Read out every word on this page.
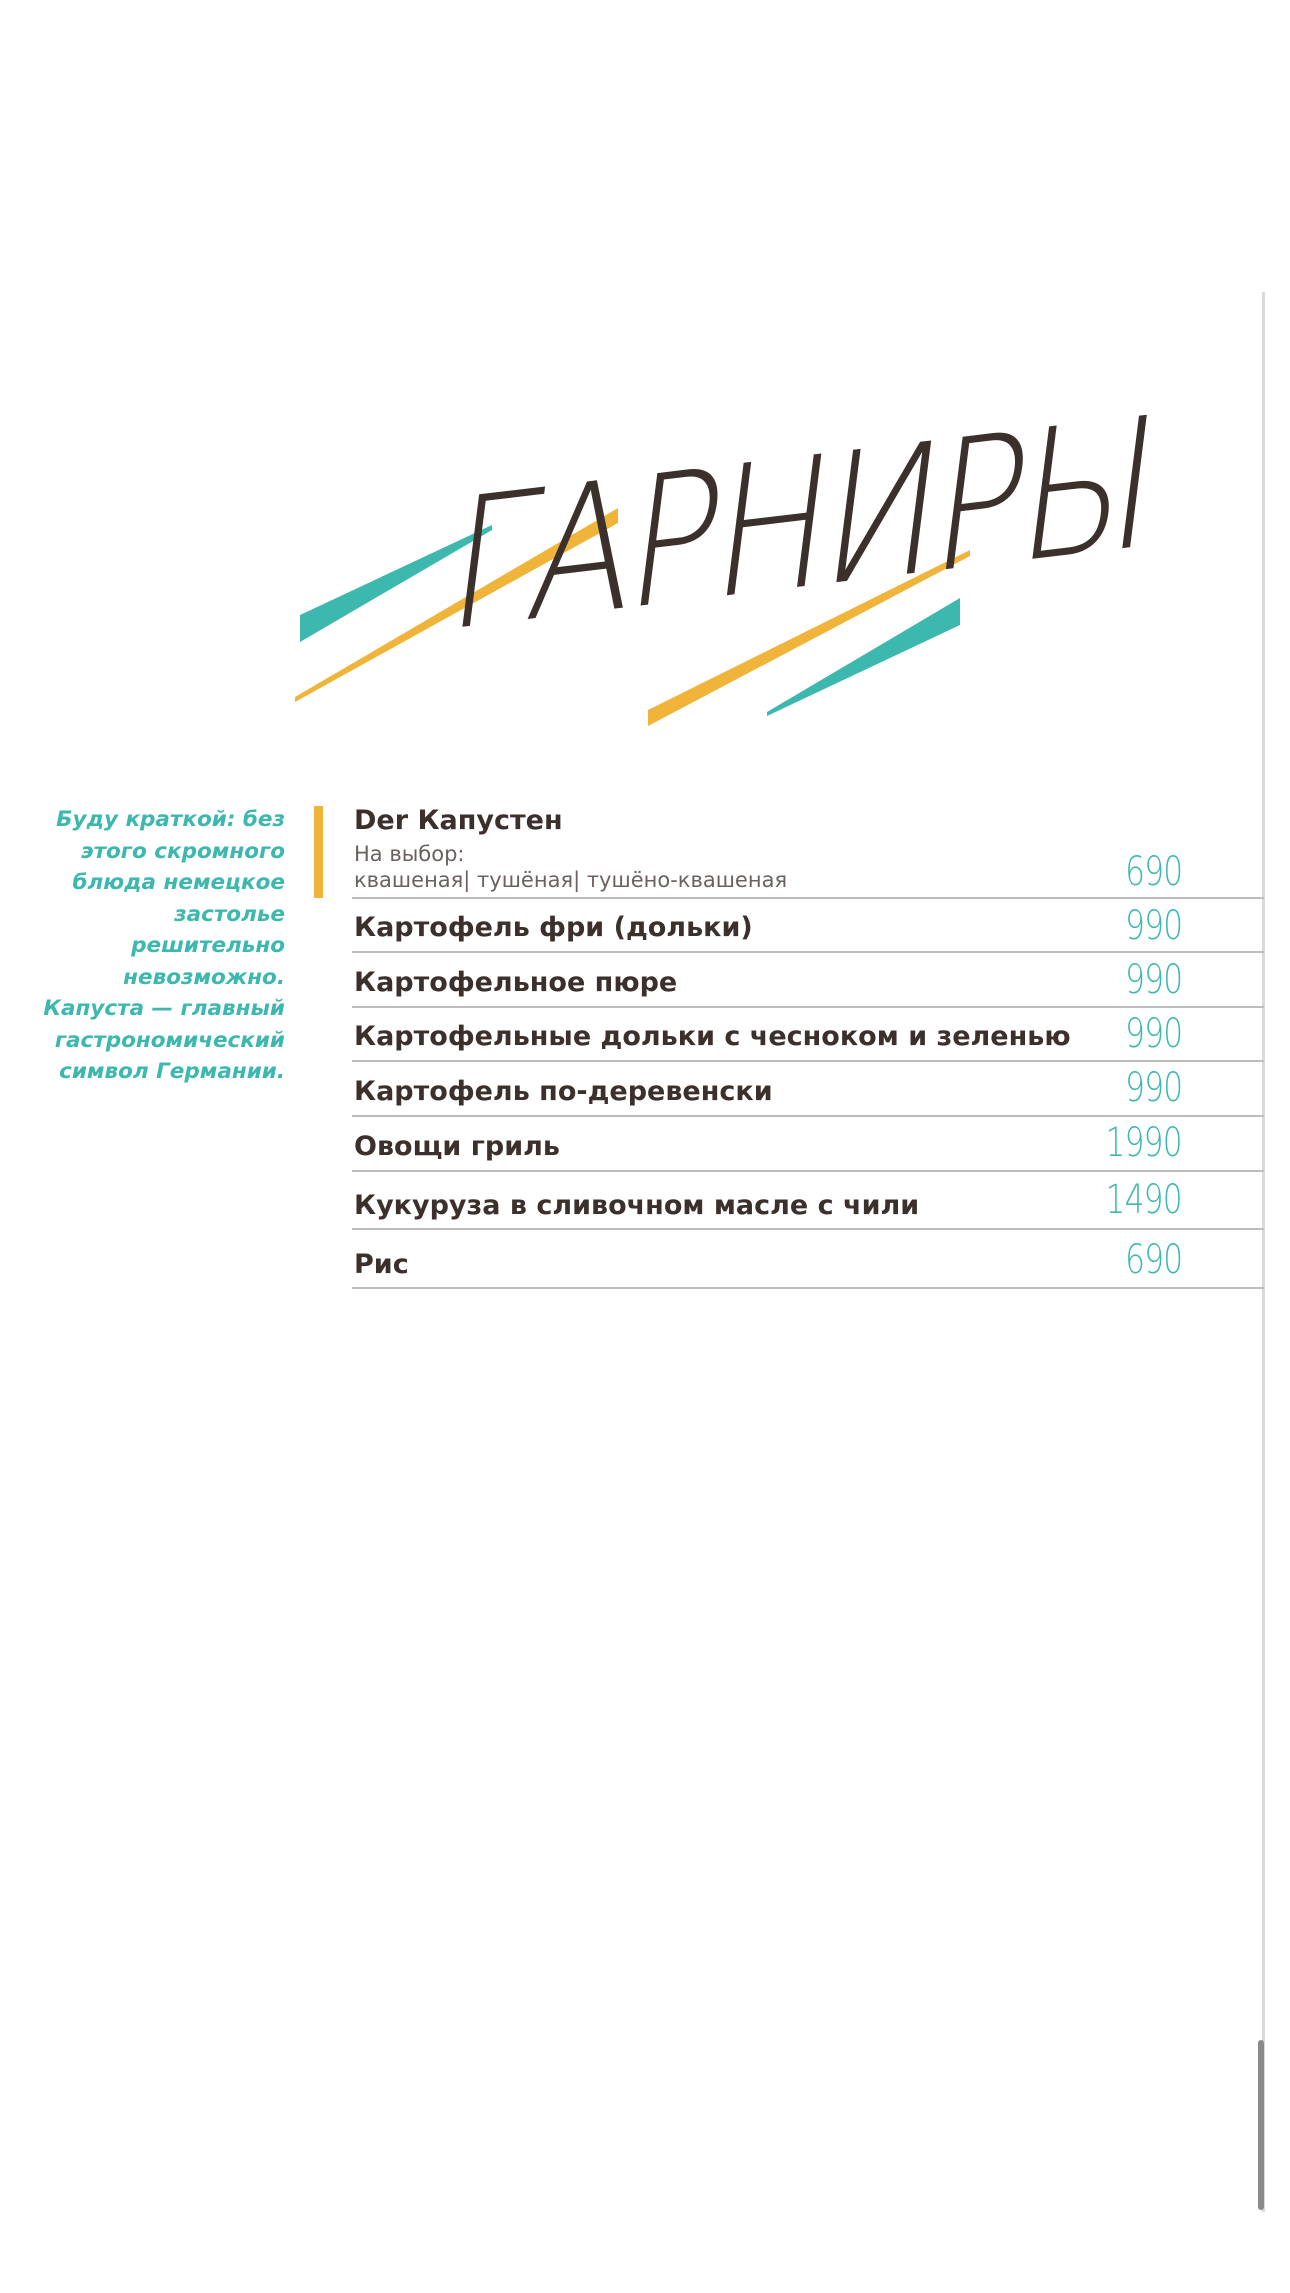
ГАРНИРЫ
Буду краткой: без этого скромного блюда немецкое застолье решительно невозможно. Капуста — главный гастрономический символ Германии.
Der Капустен
На выбор:
квашеная| тушёная| тушёно-квашеная	690
Картофель фри (дольки)	990
Картофельное пюре	990
Картофельные дольки с чесноком и зеленью 990
Картофель по-деревенски	990
Овощи гриль	1990
Кукуруза в сливочном масле с чили	1490
Рис	690
